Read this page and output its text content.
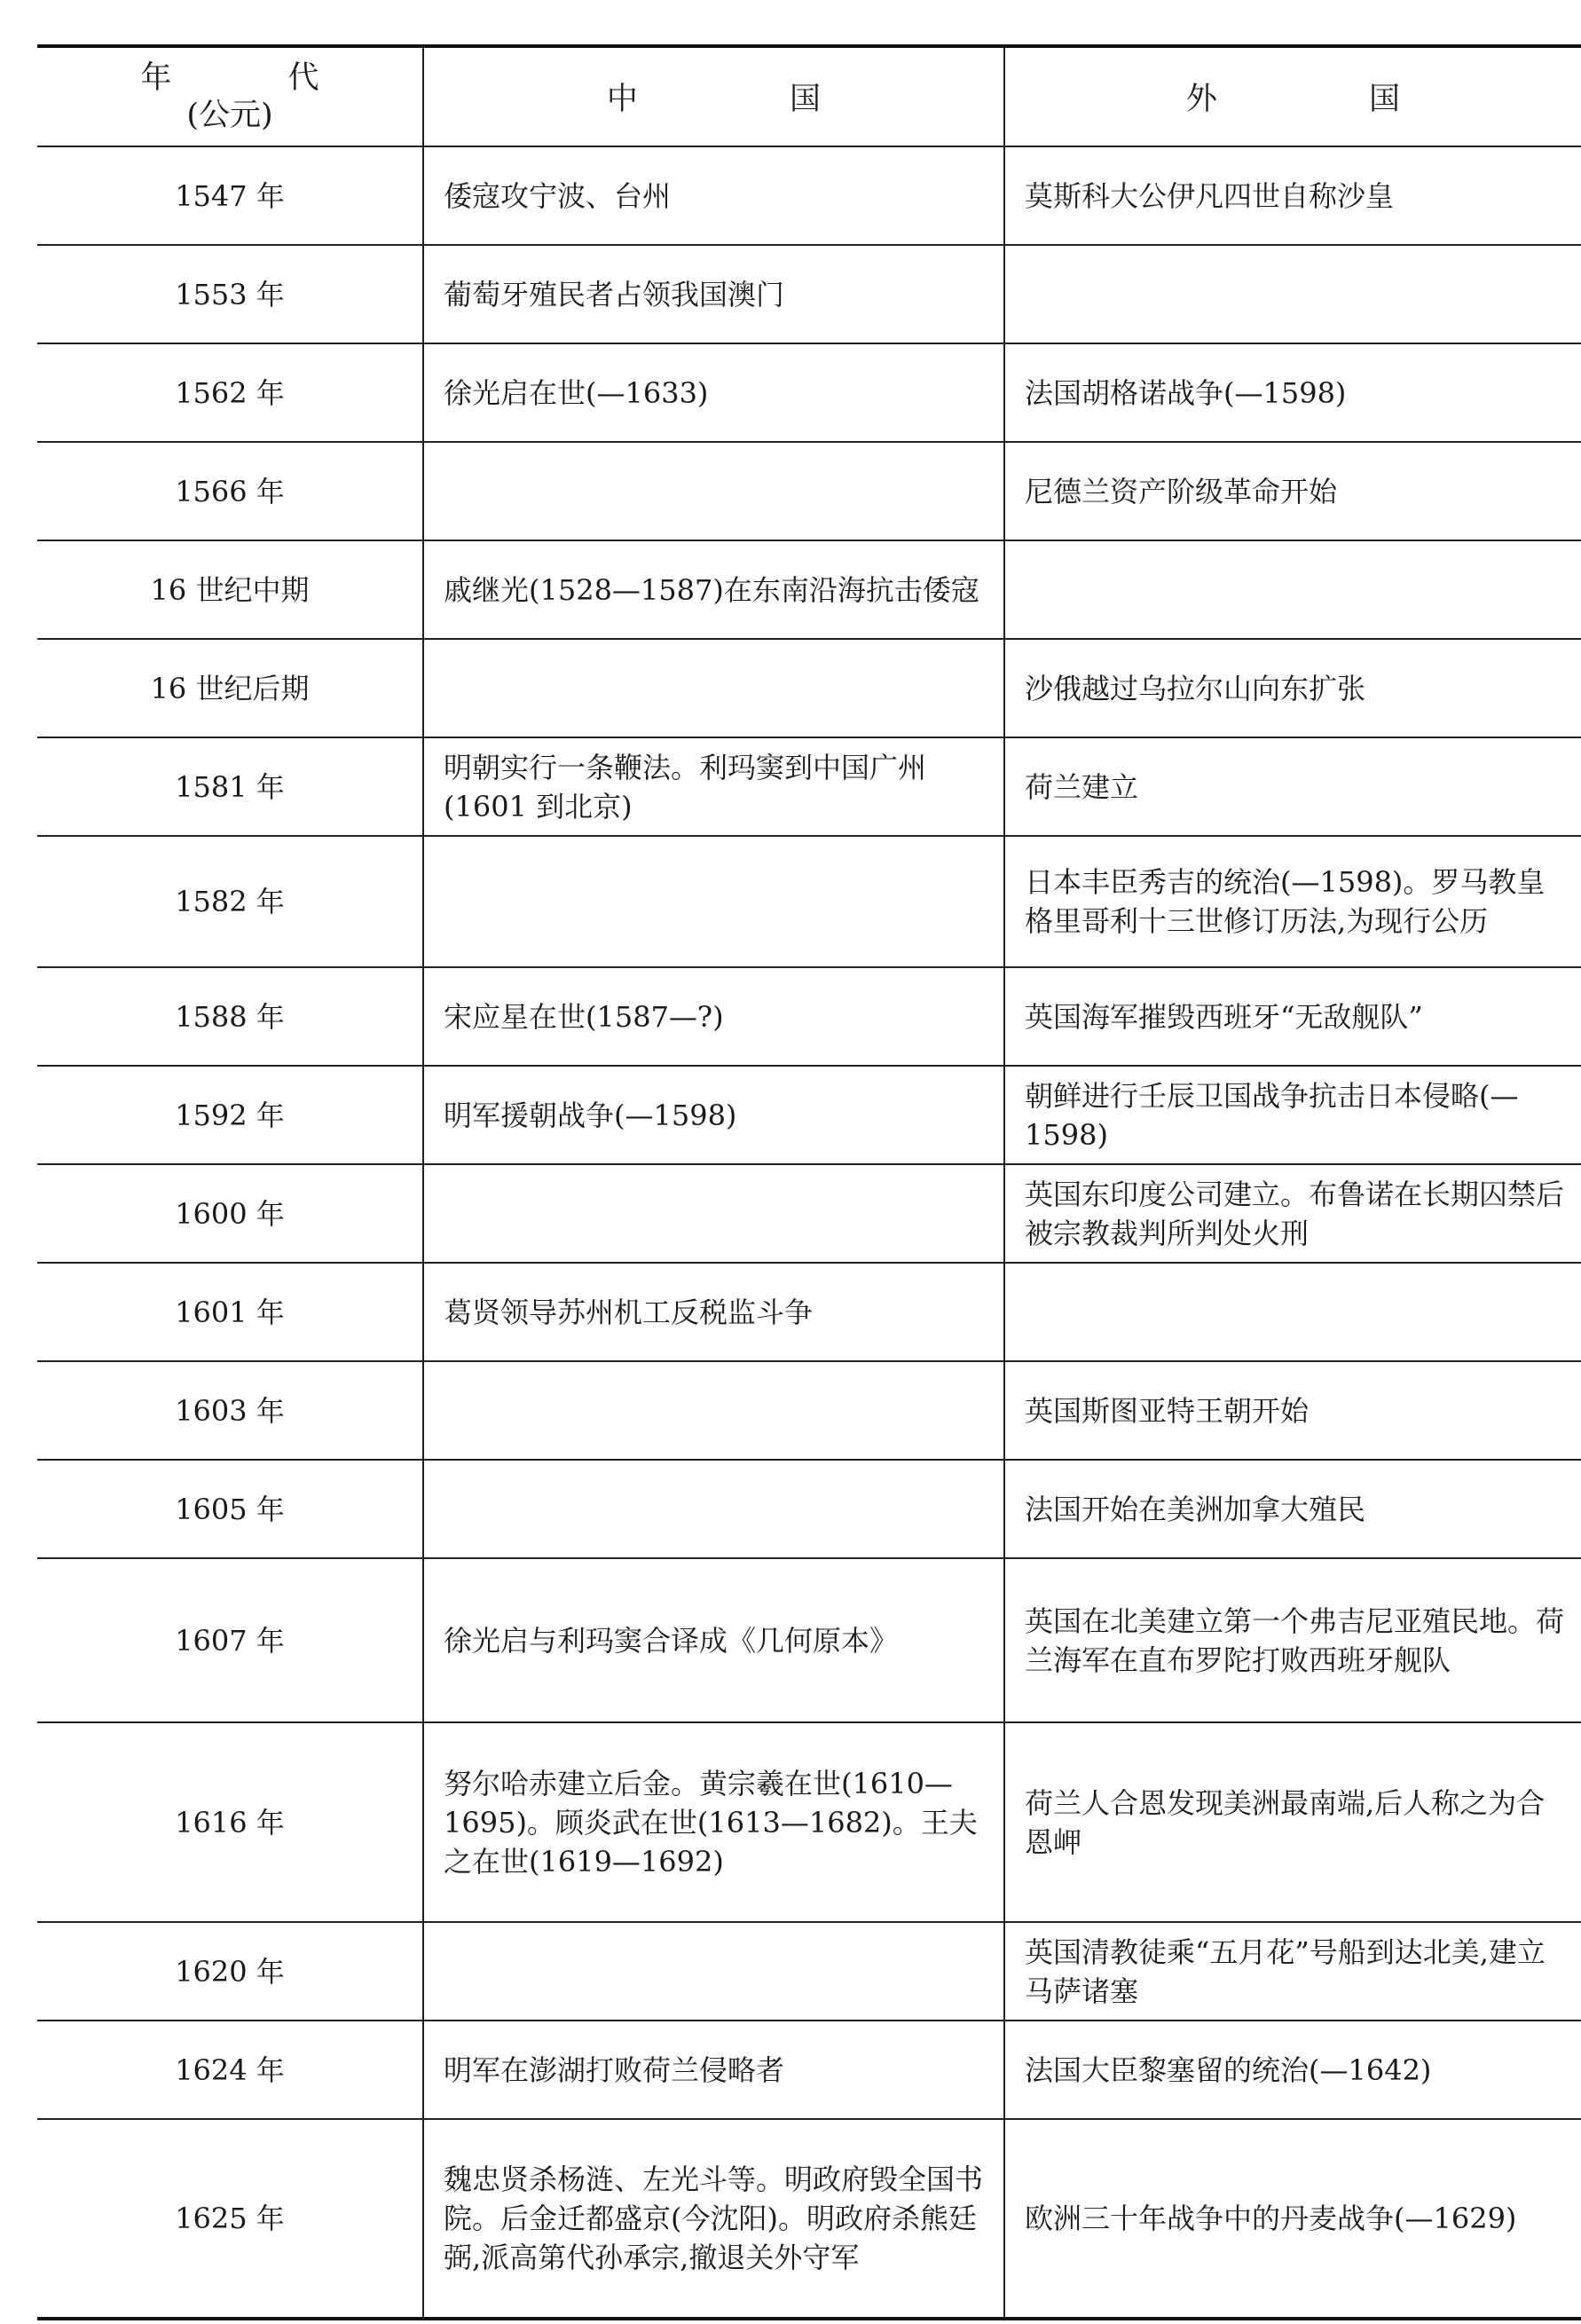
年 代
(公元)	中 国	外 国
1547 年	倭寇攻宁波、台州	莫斯科大公伊凡四世自称沙皇
1553 年	葡萄牙殖民者占领我国澳门	
1562 年	徐光启在世(—1633)	法国胡格诺战争(—1598)
1566 年		尼德兰资产阶级革命开始
16 世纪中期	戚继光(1528—1587)在东南沿海抗击倭寇	
16 世纪后期		沙俄越过乌拉尔山向东扩张
1581 年	明朝实行一条鞭法。利玛窦到中国广州(1601 到北京)	荷兰建立
1582 年		日本丰臣秀吉的统治(—1598)。罗马教皇格里哥利十三世修订历法,为现行公历
1588 年	宋应星在世(1587—?)	英国海军摧毁西班牙“无敌舰队”
1592 年	明军援朝战争(—1598)	朝鲜进行壬辰卫国战争抗击日本侵略(—1598)
1600 年		英国东印度公司建立。布鲁诺在长期囚禁后被宗教裁判所判处火刑
1601 年	葛贤领导苏州机工反税监斗争	
1603 年		英国斯图亚特王朝开始
1605 年		法国开始在美洲加拿大殖民
1607 年	徐光启与利玛窦合译成《几何原本》	英国在北美建立第一个弗吉尼亚殖民地。荷兰海军在直布罗陀打败西班牙舰队
1616 年	努尔哈赤建立后金。黄宗羲在世(1610—1695)。顾炎武在世(1613—1682)。王夫之在世(1619—1692)	荷兰人合恩发现美洲最南端,后人称之为合恩岬
1620 年		英国清教徒乘“五月花”号船到达北美,建立马萨诸塞
1624 年	明军在澎湖打败荷兰侵略者	法国大臣黎塞留的统治(—1642)
1625 年	魏忠贤杀杨涟、左光斗等。明政府毁全国书院。后金迁都盛京(今沈阳)。明政府杀熊廷弼,派高第代孙承宗,撤退关外守军	欧洲三十年战争中的丹麦战争(—1629)
